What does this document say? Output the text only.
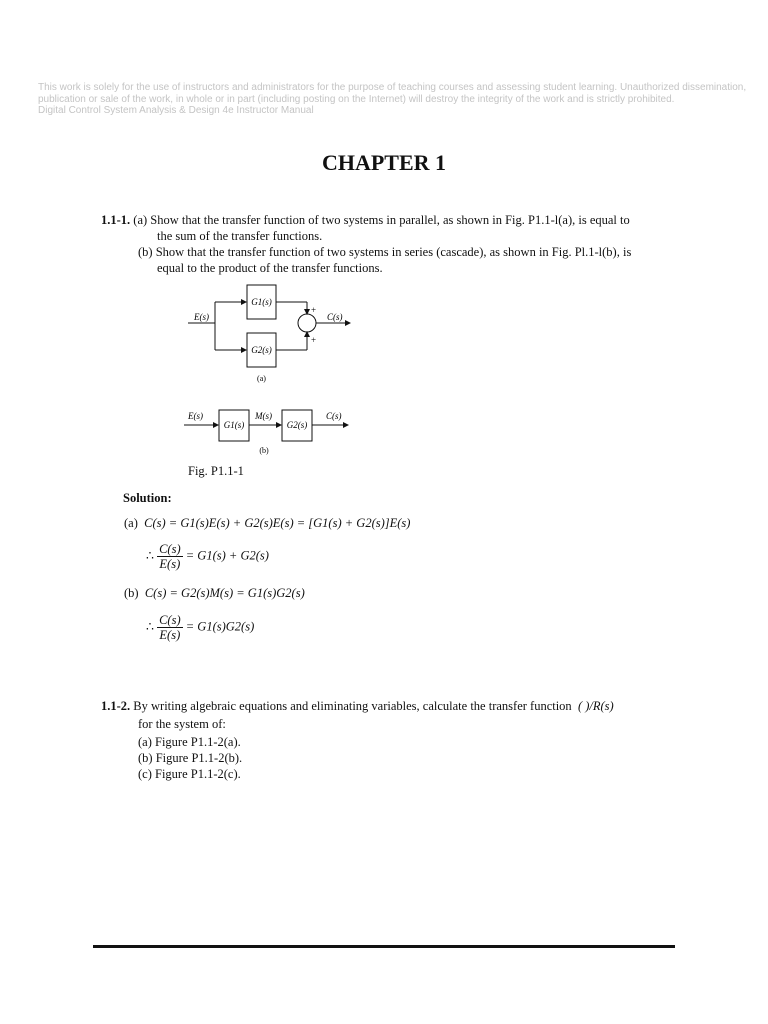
This work is solely for the use of instructors and administrators for the purpose of teaching courses and assessing student learning. Unauthorized dissemination,
publication or sale of the work, in whole or in part (including posting on the Internet) will destroy the integrity of the work and is strictly prohibited.
Digital Control System Analysis & Design 4e Instructor Manual
CHAPTER 1
1.1-1. (a) Show that the transfer function of two systems in parallel, as shown in Fig. P1.1-l(a), is equal to
the sum of the transfer functions.
(b) Show that the transfer function of two systems in series (cascade), as shown in Fig. Pl.1-l(b), is
equal to the product of the transfer functions.
G1(s)
G2(s)
+
+
E(s)	C(s)
(a)
E(s)
G1(s)
M(s)
G2(s)
C(s)
(b)
Fig. P1.1-1
Solution:
(a) C(s) = G1(s)E(s) + G2(s)E(s) = [G1(s) + G2(s)]E(s)
∴ $\frac{C(s)}{E(s)} = G1(s) + G2(s)$
(b) C(s) = G2(s)M(s) = G1(s)G2(s)
∴ $\frac{C(s)}{E(s)} = G1(s)G2(s)$
1.1-2. By writing algebraic equations and eliminating variables, calculate the transfer function ( )/R(s)
for the system of:
(a) Figure P1.1-2(a).
(b) Figure P1.1-2(b).
(c) Figure P1.1-2(c).
